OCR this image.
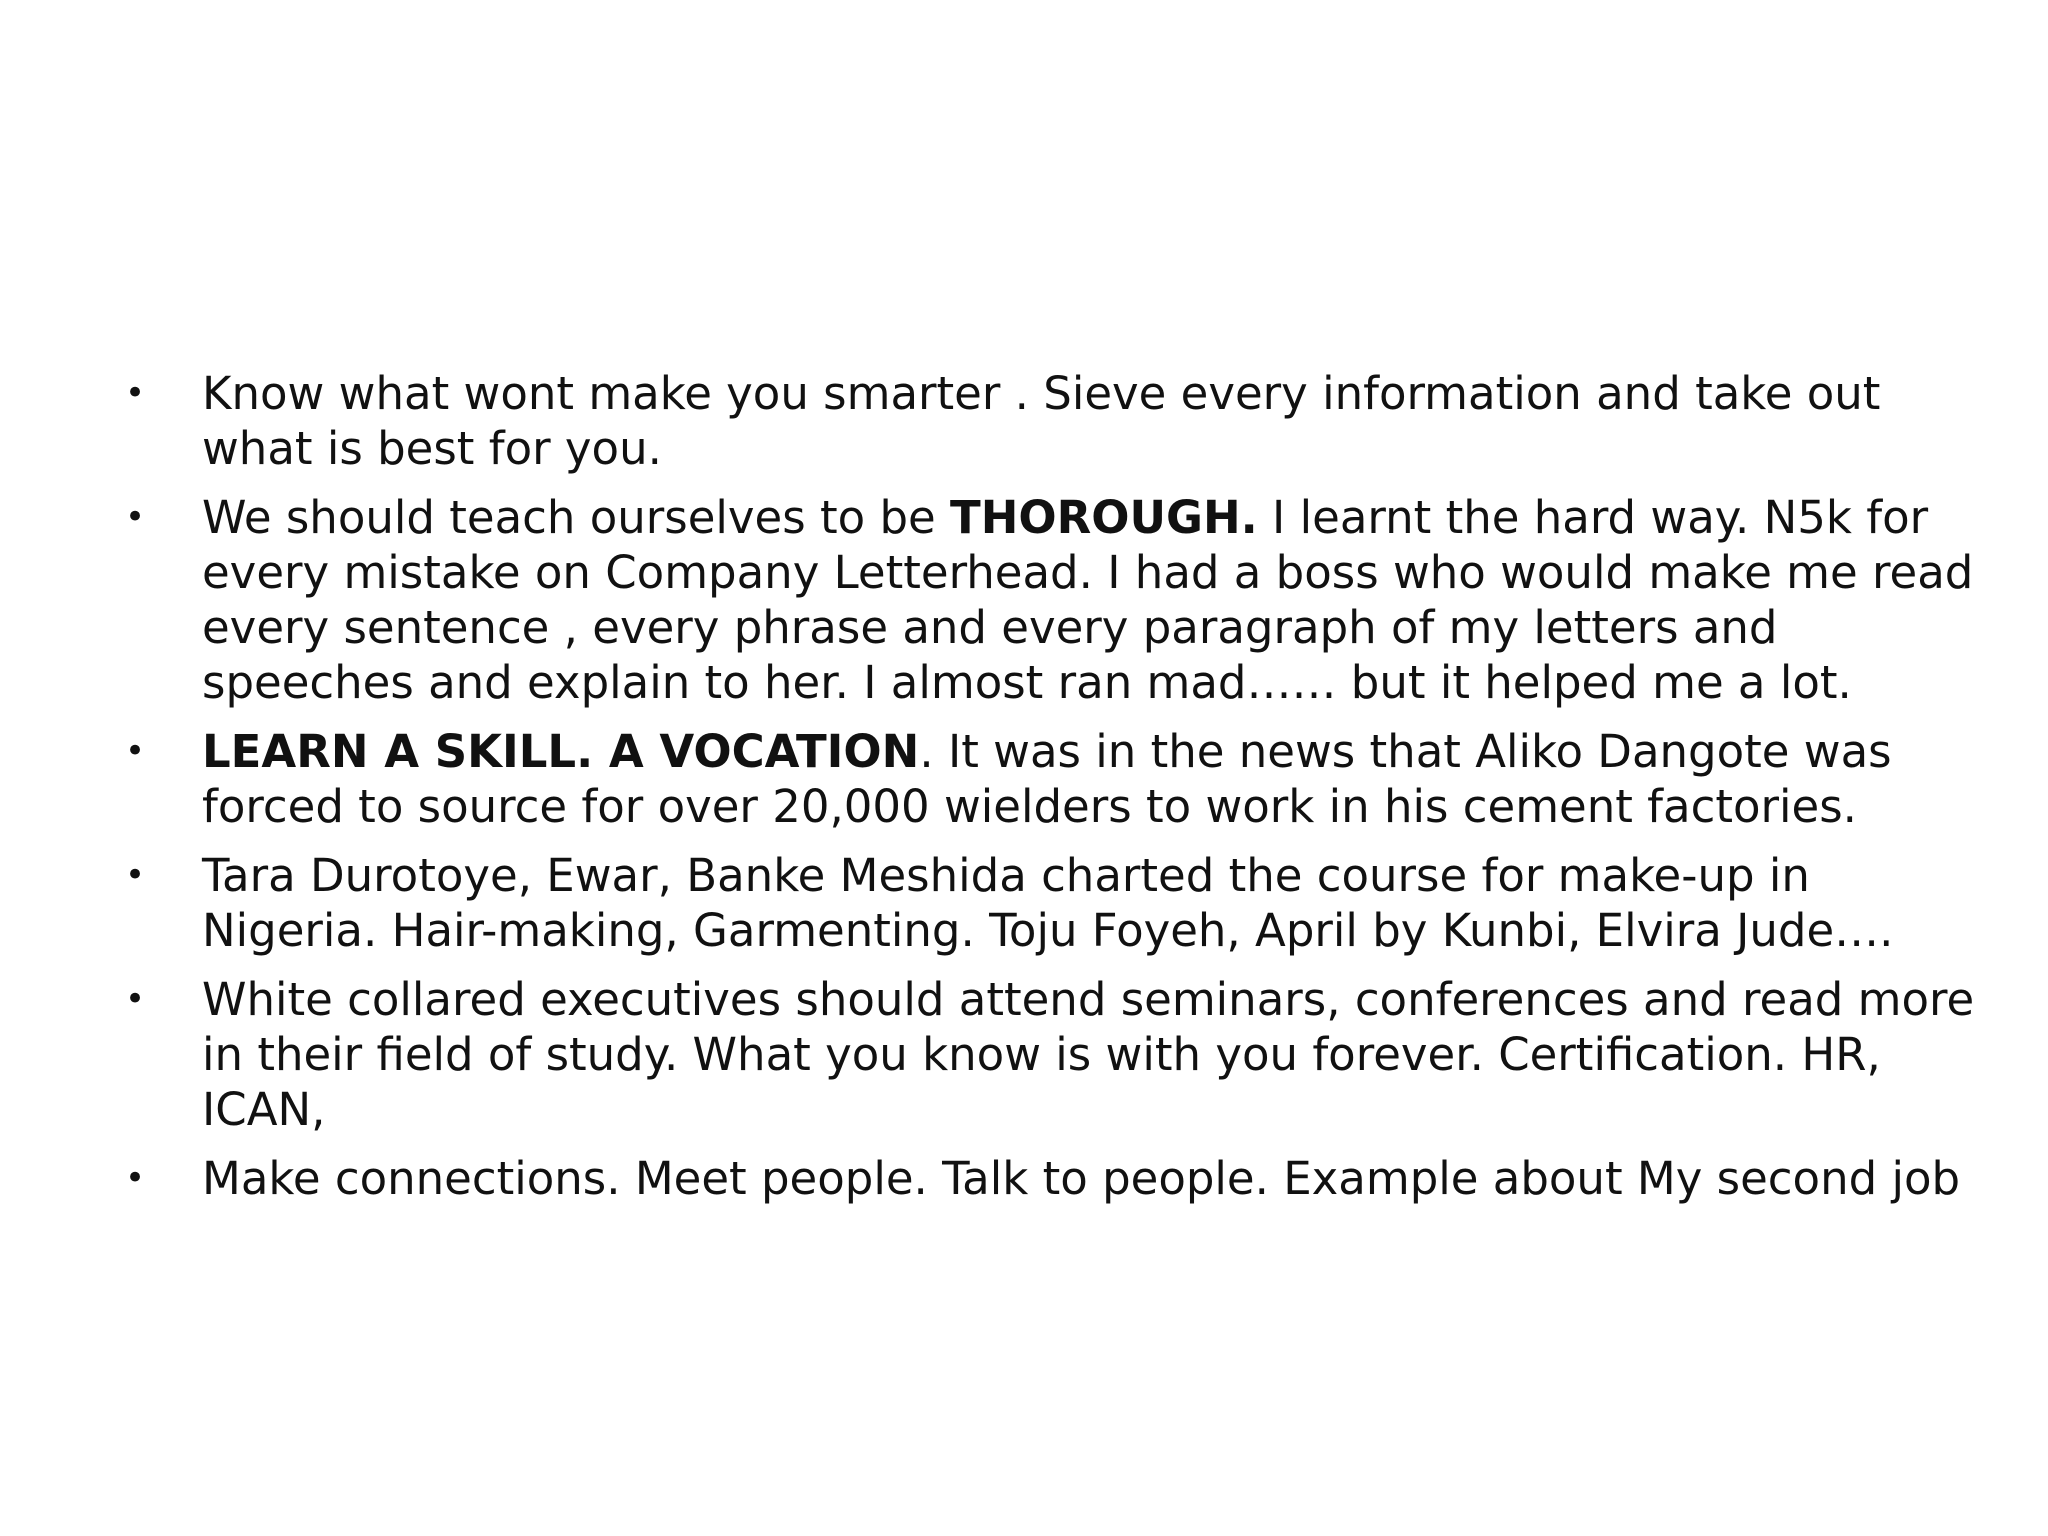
• Know what wont make you smarter . Sieve every information and take out what is best for you.
• We should teach ourselves to be THOROUGH. I learnt the hard way. N5k for every mistake on Company Letterhead. I had a boss who would make me read every sentence , every phrase and every paragraph of my letters and speeches and explain to her. I almost ran mad…… but it helped me a lot.
• LEARN A SKILL. A VOCATION. It was in the news that Aliko Dangote was forced to source for over 20,000 wielders to work in his cement factories.
• Tara Durotoye, Ewar, Banke Meshida charted the course for make-up in Nigeria. Hair-making, Garmenting. Toju Foyeh, April by Kunbi, Elvira Jude….
• White collared executives should attend seminars, conferences and read more in their field of study. What you know is with you forever. Certification. HR, ICAN,
• Make connections. Meet people. Talk to people. Example about My second job
